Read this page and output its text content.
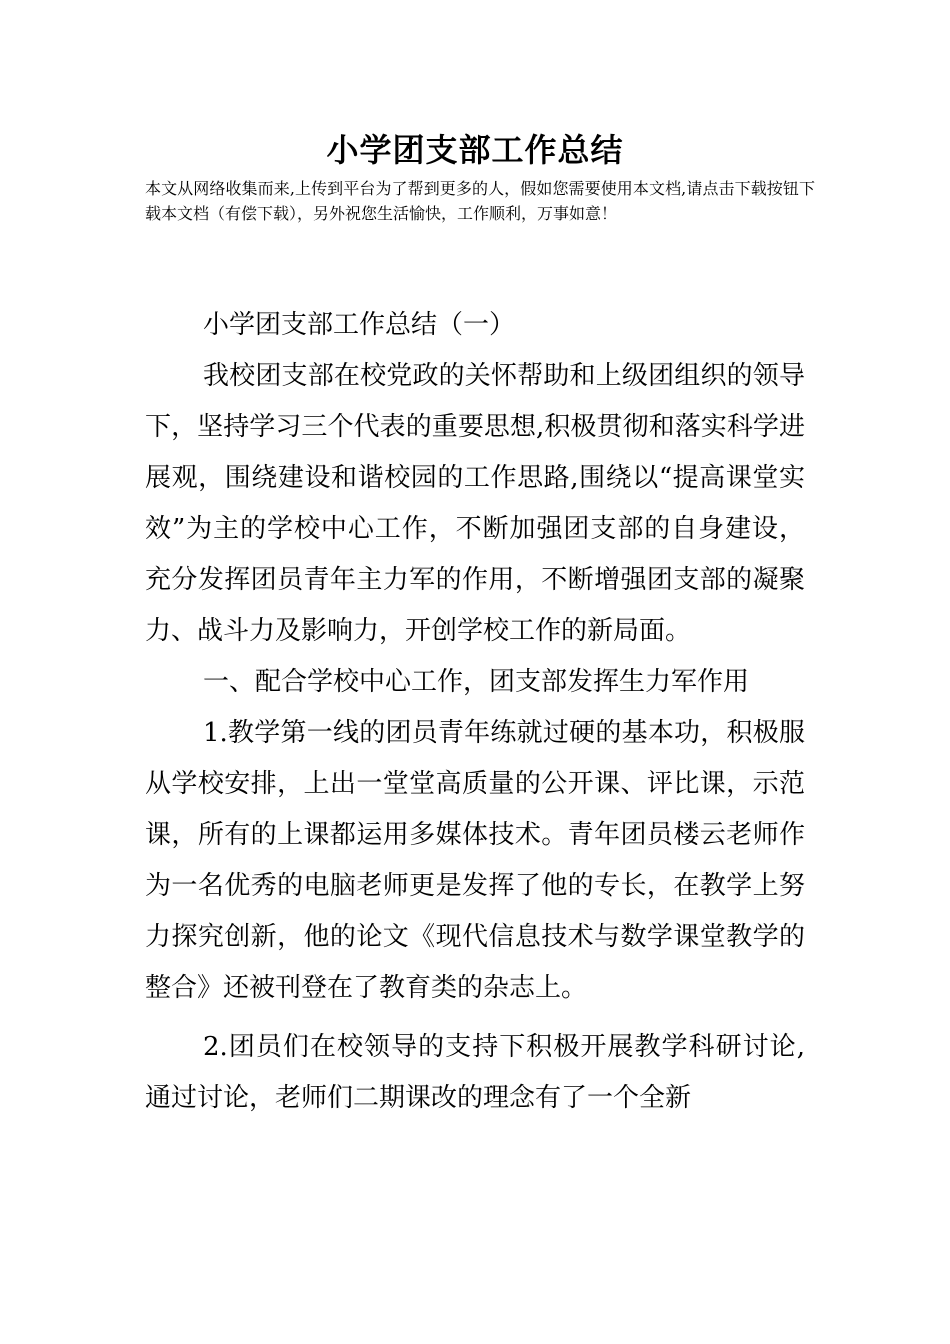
小学团支部工作总结

本文从网络收集而来,上传到平台为了帮到更多的人，假如您需要使用本文档,请点击下载按钮下载本文档（有偿下载），另外祝您生活愉快，工作顺利，万事如意！

小学团支部工作总结（一）

我校团支部在校党政的关怀帮助和上级团组织的领导下，坚持学习三个代表的重要思想,积极贯彻和落实科学进展观，围绕建设和谐校园的工作思路,围绕以“提高课堂实效”为主的学校中心工作，不断加强团支部的自身建设，充分发挥团员青年主力军的作用，不断增强团支部的凝聚力、战斗力及影响力，开创学校工作的新局面。

一、配合学校中心工作，团支部发挥生力军作用

1.教学第一线的团员青年练就过硬的基本功，积极服从学校安排，上出一堂堂高质量的公开课、评比课，示范课，所有的上课都运用多媒体技术。青年团员楼云老师作为一名优秀的电脑老师更是发挥了他的专长，在教学上努力探究创新，他的论文《现代信息技术与数学课堂教学的整合》还被刊登在了教育类的杂志上。

2.团员们在校领导的支持下积极开展教学科研讨论,通过讨论，老师们二期课改的理念有了一个全新
